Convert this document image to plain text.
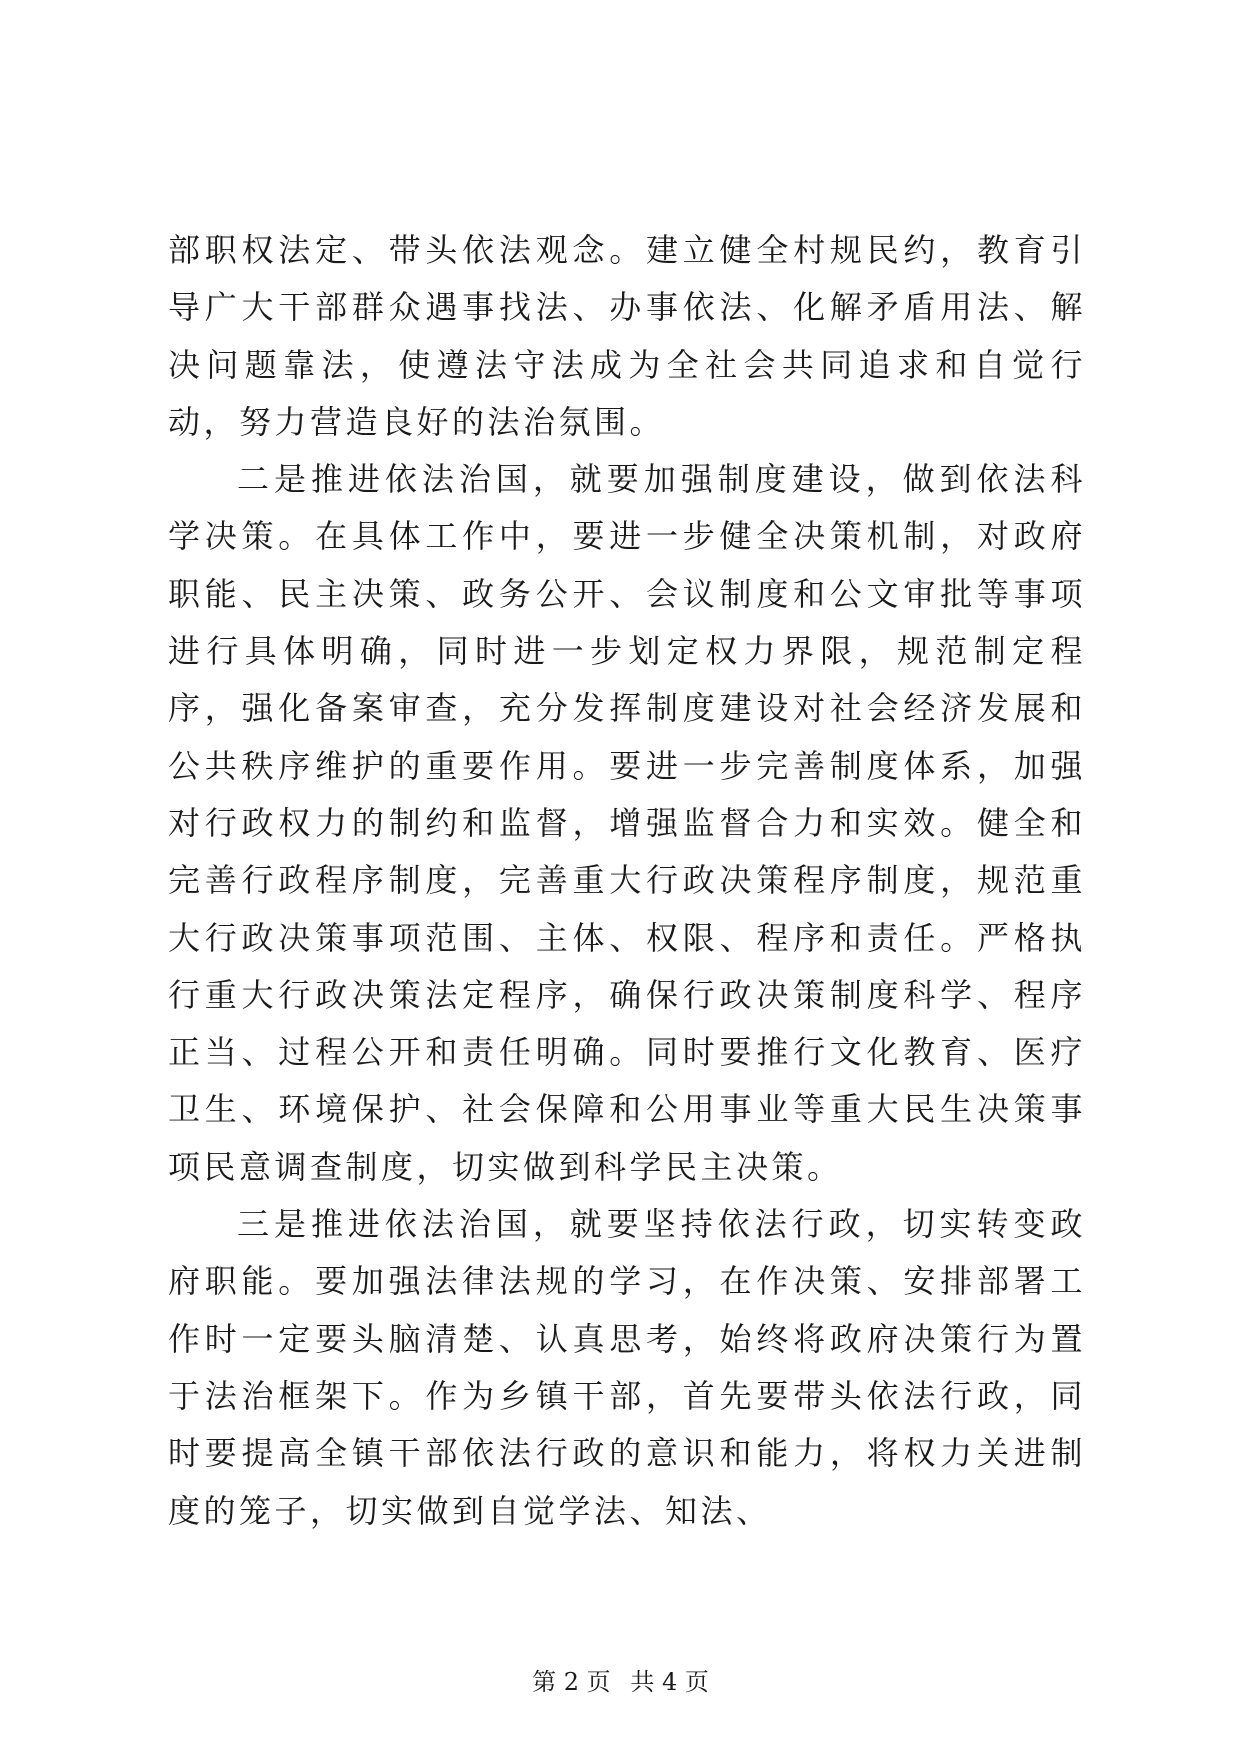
部职权法定、带头依法观念。建立健全村规民约，教育引导广大干部群众遇事找法、办事依法、化解矛盾用法、解决问题靠法，使遵法守法成为全社会共同追求和自觉行动，努力营造良好的法治氛围。

二是推进依法治国，就要加强制度建设，做到依法科学决策。在具体工作中，要进一步健全决策机制，对政府职能、民主决策、政务公开、会议制度和公文审批等事项进行具体明确，同时进一步划定权力界限，规范制定程序，强化备案审查，充分发挥制度建设对社会经济发展和公共秩序维护的重要作用。要进一步完善制度体系，加强对行政权力的制约和监督，增强监督合力和实效。健全和完善行政程序制度，完善重大行政决策程序制度，规范重大行政决策事项范围、主体、权限、程序和责任。严格执行重大行政决策法定程序，确保行政决策制度科学、程序正当、过程公开和责任明确。同时要推行文化教育、医疗卫生、环境保护、社会保障和公用事业等重大民生决策事项民意调查制度，切实做到科学民主决策。

三是推进依法治国，就要坚持依法行政，切实转变政府职能。要加强法律法规的学习，在作决策、安排部署工作时一定要头脑清楚、认真思考，始终将政府决策行为置于法治框架下。作为乡镇干部，首先要带头依法行政，同时要提高全镇干部依法行政的意识和能力，将权力关进制度的笼子，切实做到自觉学法、知法、

第 2 页 共 4 页
